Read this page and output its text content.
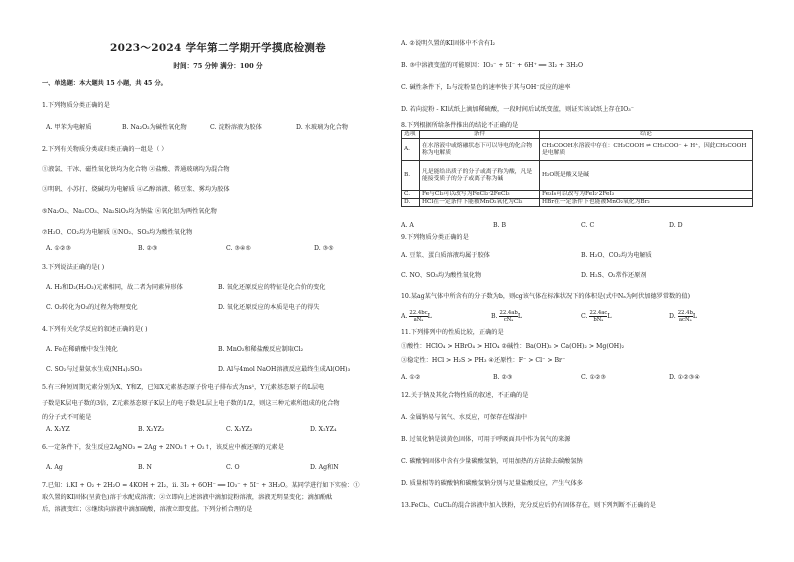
2023～2024 学年第二学期开学摸底检测卷
时间：75 分钟 满分：100 分
一、单选题：本大题共 15 小题，共 45 分。
1.下列物质分类正确的是
A. 甲苯为电解质	B. Na₂O₂为碱性氧化物	C. 淀粉溶液为胶体	D. 水玻璃为化合物
2.下列有关物质分类或归类正确的一组是（ ）
①液氯、干冰、磁性氧化铁均为化合物 ②盐酸、普通玻璃均为混合物
③明矾、小苏打、烧碱均为电解质 ④乙醇溶液、稀豆浆、雾均为胶体
⑤Na₂O₂、Na₂CO₃、Na₂SiO₃均为钠盐 ⑥氧化铝为两性氧化物
⑦H₂O、CO₂均为电解质 ⑧NO₂、SO₃均为酸性氧化物
A. ①②③	B. ②③	C. ③④⑤	D. ③⑤
3.下列说法正确的是( )
A. H₂和D₂(H₂O₂)元素相同，故二者为同素异形体	B. 氧化还原反应的特征是化合价的变化
C. O₂转化为O₃的过程为物理变化	D. 氧化还原反应的本质是电子的得失
4.下列有关化学反应的叙述正确的是( )
A. Fe在稀硝酸中发生钝化	B. MnO₂和稀盐酸反应制取Cl₂
C. SO₂与过量氨水生成(NH₄)₂SO₃	D. Al与4mol NaOH溶液反应最终生成Al(OH)₃
5.有三种短周期元素分别为X、Y和Z，已知X元素基态原子价电子排布式为ns¹，Y元素基态原子的L层电
子数是K层电子数的3倍，Z元素基态原子K层上的电子数是L层上电子数的1/2，则这三种元素所组成的化合物
的分子式不可能是
A. X₂YZ	B. X₂YZ₂	C. X₂YZ₃	D. X₂YZ₄
6.一定条件下，发生反应2AgNO₃ = 2Ag + 2NO₂↑ + O₂↑，该反应中被还原的元素是
A. Ag	B. N	C. O	D. Ag和N
7.已知：i.KI + O₂ + 2H₂O = 4KOH + 2I₂，ii. 3I₂ + 6OH⁻ ══ IO₃⁻ + 5I⁻ + 3H₂O。某同学进行如下实验：①
取久置的KI固体(呈黄色)溶于水配成溶液；②立即向上述溶液中滴加淀粉溶液，溶液无明显变化；滴加酚酞
后，溶液变红；③继续向溶液中滴加硫酸，溶液立即变蓝。下列分析合理的是
A. ②说明久置的KI固体中不含有I₂
B. ③中溶液变蓝的可能原因：IO₃⁻ + 5I⁻ + 6H⁺ ══ 3I₂ + 3H₂O
C. 碱性条件下，I₂与淀粉显色的速率快于其与OH⁻反应的速率
D. 若向淀粉 - KI试纸上滴加稀硫酸，一段时间后试纸变蓝，则证实该试纸上存在IO₃⁻
8.下列根据所给条件推出的结论不正确的是
选项	条件	结论
A.	在水溶液中或熔融状态下可以导电的化合物称为电解质	CH₃COOH水溶液中存在：CH₃COOH ⇌ CH₃COO⁻ + H⁺，因此CH₃COOH是电解质
B.	凡是能给出质子的分子或离子称为酸，凡是能接受质子的分子或离子称为碱	H₂O既是酸又是碱
C.	Fe与Cl₂可以改写为FeCl₂·2FeCl₃	Fe₃I₈可以改写为FeI₂·2FeI₃
D.	HCl在一定条件下能被MnO₂氧化为Cl₂	HBr在一定条件下也能被MnO₂氧化为Br₂
A. A	B. B	C. C	D. D
9.下列物质分类正确的是
A. 豆浆、蛋白质溶液均属于胶体	B. H₂O、CO₂均为电解质
C. NO、SO₃均为酸性氧化物	D. H₂S、O₂常作还原剂
10.某ag某气体中所含有的分子数为b，则cg该气体在标准状况下的体积是(式中Nₐ为阿伏加德罗常数的值)
A. $\frac{22.4bc}{\text{aNₐ}}$ L	B. $\frac{22.4ab}{\text{cNₐ}}$ L	C. $\frac{22.4ac}{\text{bNₐ}}$ L	D. $\frac{22.4b}{\text{acNₐ}}$ L
11.下列排列中的性质比较，正确的是
①酸性：HClO₄ > HBrO₄ > HIO₄ ②碱性：Ba(OH)₂ > Ca(OH)₂ > Mg(OH)₂
③稳定性：HCl > H₂S > PH₃ ④还原性：F⁻ > Cl⁻ > Br⁻
A. ①②	B. ②③	C. ①②③	D. ①②③④
12.关于钠及其化合物性质的叙述，不正确的是
A. 金属钠易与氧气、水反应，可保存在煤油中
B. 过氧化钠是淡黄色固体，可用于呼吸面具中作为氧气的来源
C. 碳酸钠固体中含有少量碳酸氢钠，可用加热的方法除去碳酸氢钠
D. 质量相等的碳酸钠和碳酸氢钠分别与足量盐酸反应，产生气体多
13.FeCl₃、CuCl₂的混合溶液中加入铁粉，充分反应后仍有固体存在，则下列判断不正确的是
